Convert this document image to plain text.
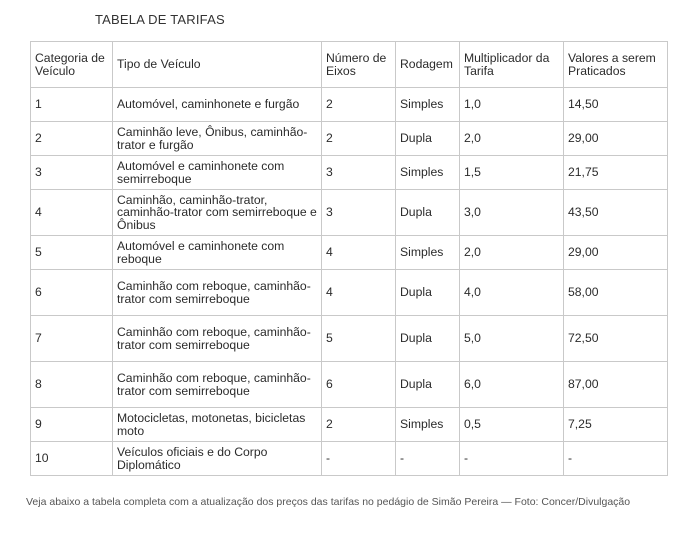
TABELA DE TARIFAS
Categoria de Veículo	Tipo de Veículo	Número de Eixos	Rodagem	Multiplicador da Tarifa	Valores a serem Praticados
1	Automóvel, caminhonete e furgão	2	Simples	1,0	14,50
2	Caminhão leve, Ônibus, caminhão-trator e furgão	2	Dupla	2,0	29,00
3	Automóvel e caminhonete com semirreboque	3	Simples	1,5	21,75
4	Caminhão, caminhão-trator, caminhão-trator com semirreboque e Ônibus	3	Dupla	3,0	43,50
5	Automóvel e caminhonete com reboque	4	Simples	2,0	29,00
6	Caminhão com reboque, caminhão-trator com semirreboque	4	Dupla	4,0	58,00
7	Caminhão com reboque, caminhão-trator com semirreboque	5	Dupla	5,0	72,50
8	Caminhão com reboque, caminhão-trator com semirreboque	6	Dupla	6,0	87,00
9	Motocicletas, motonetas, bicicletas moto	2	Simples	0,5	7,25
10	Veículos oficiais e do Corpo Diplomático	-	-	-	-
Veja abaixo a tabela completa com a atualização dos preços das tarifas no pedágio de Simão Pereira — Foto: Concer/Divulgação
